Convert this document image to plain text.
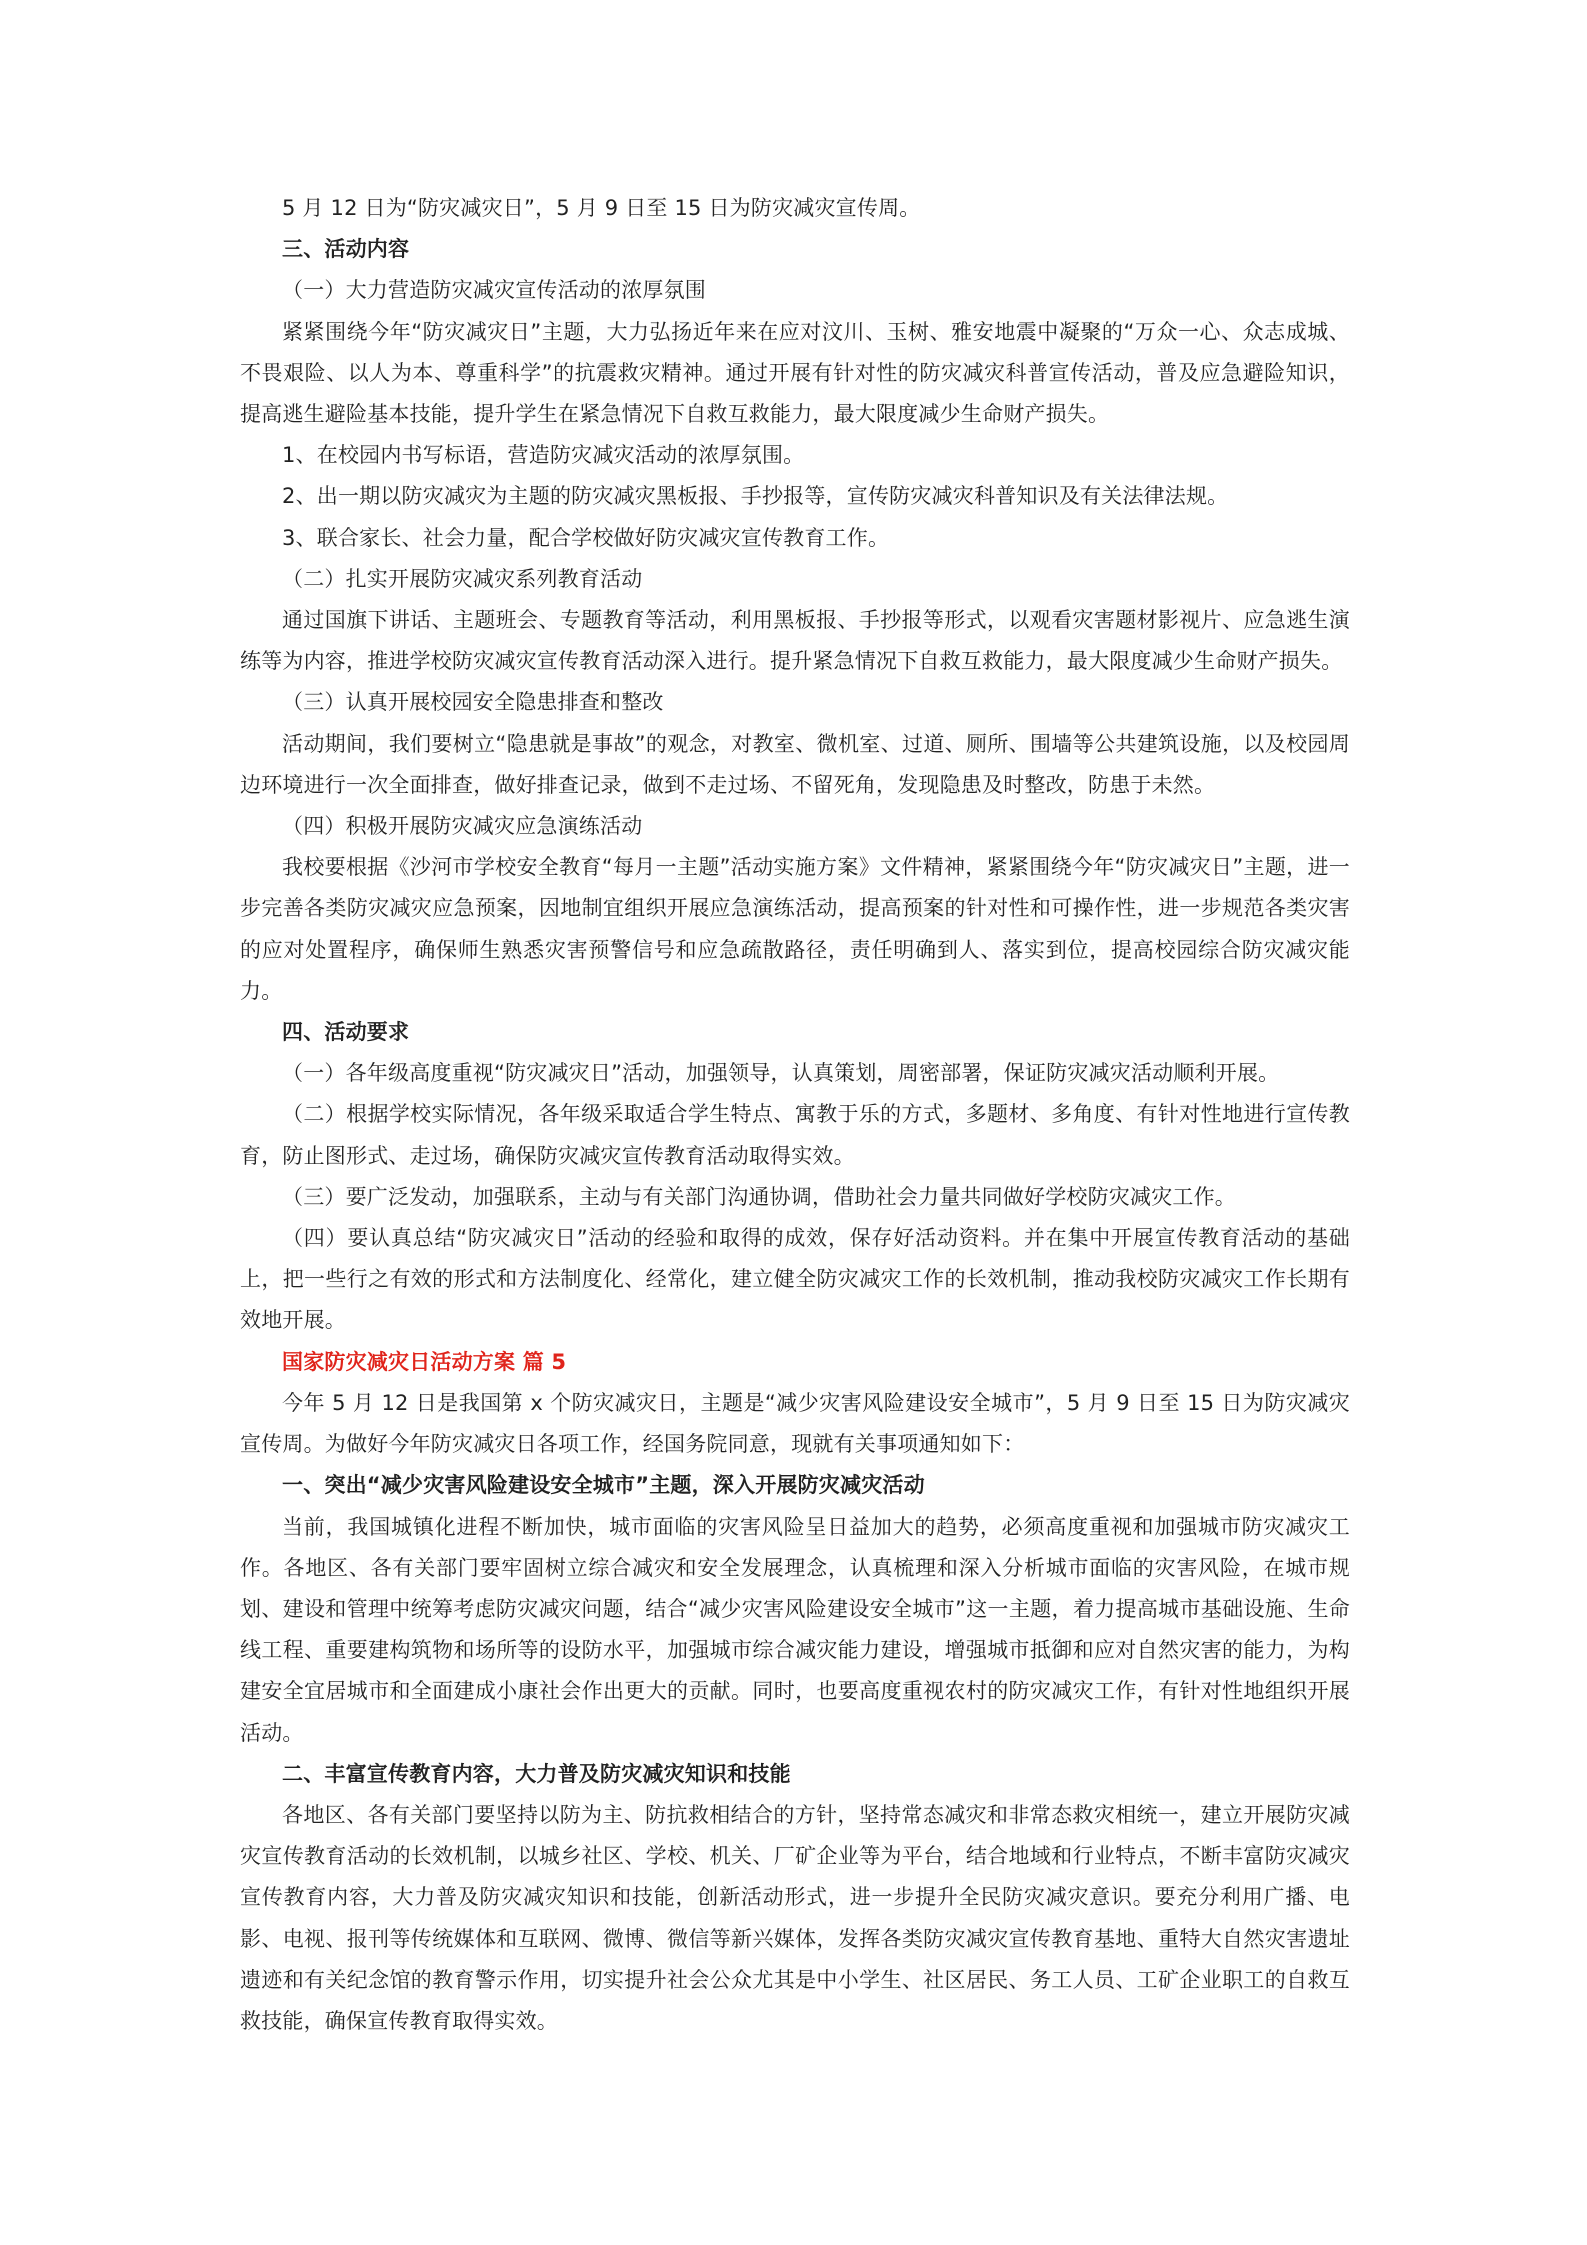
5 月 12 日为“防灾减灾日”，5 月 9 日至 15 日为防灾减灾宣传周。

三、活动内容

（一）大力营造防灾减灾宣传活动的浓厚氛围

紧紧围绕今年“防灾减灾日”主题，大力弘扬近年来在应对汶川、玉树、雅安地震中凝聚的“万众一心、众志成城、不畏艰险、以人为本、尊重科学”的抗震救灾精神。通过开展有针对性的防灾减灾科普宣传活动，普及应急避险知识，提高逃生避险基本技能，提升学生在紧急情况下自救互救能力，最大限度减少生命财产损失。

1、在校园内书写标语，营造防灾减灾活动的浓厚氛围。

2、出一期以防灾减灾为主题的防灾减灾黑板报、手抄报等，宣传防灾减灾科普知识及有关法律法规。

3、联合家长、社会力量，配合学校做好防灾减灾宣传教育工作。

（二）扎实开展防灾减灾系列教育活动

通过国旗下讲话、主题班会、专题教育等活动，利用黑板报、手抄报等形式，以观看灾害题材影视片、应急逃生演练等为内容，推进学校防灾减灾宣传教育活动深入进行。提升紧急情况下自救互救能力，最大限度减少生命财产损失。

（三）认真开展校园安全隐患排查和整改

活动期间，我们要树立“隐患就是事故”的观念，对教室、微机室、过道、厕所、围墙等公共建筑设施，以及校园周边环境进行一次全面排查，做好排查记录，做到不走过场、不留死角，发现隐患及时整改，防患于未然。

（四）积极开展防灾减灾应急演练活动

我校要根据《沙河市学校安全教育“每月一主题”活动实施方案》文件精神，紧紧围绕今年“防灾减灾日”主题，进一步完善各类防灾减灾应急预案，因地制宜组织开展应急演练活动，提高预案的针对性和可操作性，进一步规范各类灾害的应对处置程序，确保师生熟悉灾害预警信号和应急疏散路径，责任明确到人、落实到位，提高校园综合防灾减灾能力。

四、活动要求

（一）各年级高度重视“防灾减灾日”活动，加强领导，认真策划，周密部署，保证防灾减灾活动顺利开展。

（二）根据学校实际情况，各年级采取适合学生特点、寓教于乐的方式，多题材、多角度、有针对性地进行宣传教育，防止图形式、走过场，确保防灾减灾宣传教育活动取得实效。

（三）要广泛发动，加强联系，主动与有关部门沟通协调，借助社会力量共同做好学校防灾减灾工作。

（四）要认真总结“防灾减灾日”活动的经验和取得的成效，保存好活动资料。并在集中开展宣传教育活动的基础上，把一些行之有效的形式和方法制度化、经常化，建立健全防灾减灾工作的长效机制，推动我校防灾减灾工作长期有效地开展。

国家防灾减灾日活动方案 篇 5

今年 5 月 12 日是我国第 x 个防灾减灾日，主题是“减少灾害风险建设安全城市”，5 月 9 日至 15 日为防灾减灾宣传周。为做好今年防灾减灾日各项工作，经国务院同意，现就有关事项通知如下：

一、突出“减少灾害风险建设安全城市”主题，深入开展防灾减灾活动

当前，我国城镇化进程不断加快，城市面临的灾害风险呈日益加大的趋势，必须高度重视和加强城市防灾减灾工作。各地区、各有关部门要牢固树立综合减灾和安全发展理念，认真梳理和深入分析城市面临的灾害风险，在城市规划、建设和管理中统筹考虑防灾减灾问题，结合“减少灾害风险建设安全城市”这一主题，着力提高城市基础设施、生命线工程、重要建构筑物和场所等的设防水平，加强城市综合减灾能力建设，增强城市抵御和应对自然灾害的能力，为构建安全宜居城市和全面建成小康社会作出更大的贡献。同时，也要高度重视农村的防灾减灾工作，有针对性地组织开展活动。

二、丰富宣传教育内容，大力普及防灾减灾知识和技能

各地区、各有关部门要坚持以防为主、防抗救相结合的方针，坚持常态减灾和非常态救灾相统一，建立开展防灾减灾宣传教育活动的长效机制，以城乡社区、学校、机关、厂矿企业等为平台，结合地域和行业特点，不断丰富防灾减灾宣传教育内容，大力普及防灾减灾知识和技能，创新活动形式，进一步提升全民防灾减灾意识。要充分利用广播、电影、电视、报刊等传统媒体和互联网、微博、微信等新兴媒体，发挥各类防灾减灾宣传教育基地、重特大自然灾害遗址遗迹和有关纪念馆的教育警示作用，切实提升社会公众尤其是中小学生、社区居民、务工人员、工矿企业职工的自救互救技能，确保宣传教育取得实效。
